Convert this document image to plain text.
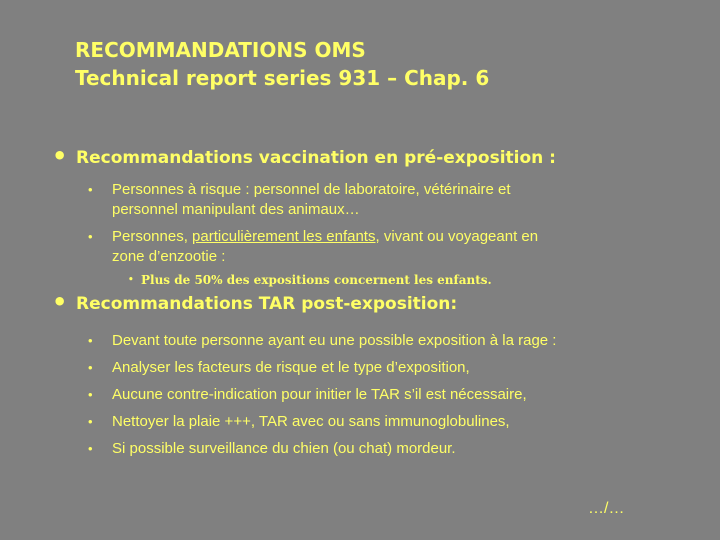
RECOMMANDATIONS OMS
Technical report series 931 – Chap. 6
• Recommandations vaccination en pré-exposition :
• Personnes à risque : personnel de laboratoire, vétérinaire et
personnel manipulant des animaux…
• Personnes, particulièrement les enfants, vivant ou voyageant en
zone d’enzootie :
• Plus de 50% des expositions concernent les enfants.
• Recommandations TAR post-exposition:
• Devant toute personne ayant eu une possible exposition à la rage :
• Analyser les facteurs de risque et le type d’exposition,
• Aucune contre-indication pour initier le TAR s’il est nécessaire,
• Nettoyer la plaie +++, TAR avec ou sans immunoglobulines,
• Si possible surveillance du chien (ou chat) mordeur.
…/…
